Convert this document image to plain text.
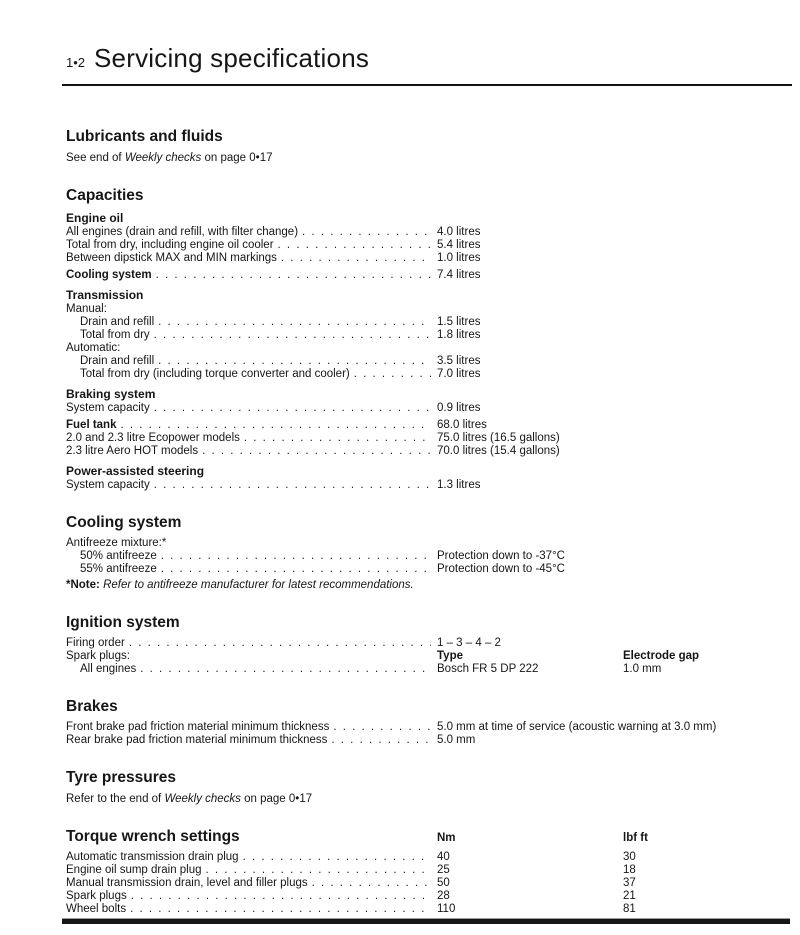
1•2 Servicing specifications
Lubricants and fluids

See end of Weekly checks on page 0•17

Capacities
Engine oil
All engines (drain and refill, with filter change) . . .	4.0 litres
Total from dry, including engine oil cooler . . .	5.4 litres
Between dipstick MAX and MIN markings . . .	1.0 litres
Cooling system . . .	7.4 litres
Transmission
Manual:
Drain and refill . . .	1.5 litres
Total from dry . . .	1.8 litres
Automatic:
Drain and refill . . .	3.5 litres
Total from dry (including torque converter and cooler) . . .	7.0 litres
Braking system
System capacity . . .	0.9 litres
Fuel tank . . .	68.0 litres
2.0 and 2.3 litre Ecopower models . . .	75.0 litres (16.5 gallons)
2.3 litre Aero HOT models . . .	70.0 litres (15.4 gallons)
Power-assisted steering
System capacity . . .	1.3 litres
Cooling system
Antifreeze mixture:*
50% antifreeze . . .	Protection down to -37°C
55% antifreeze . . .	Protection down to -45°C

*Note: Refer to antifreeze manufacturer for latest recommendations.

Ignition system
Firing order . . .	1 – 3 – 4 – 2
Spark plugs:	Type	Electrode gap
All engines . . .	Bosch FR 5 DP 222	1.0 mm
Brakes
Front brake pad friction material minimum thickness . . .	5.0 mm at time of service (acoustic warning at 3.0 mm)
Rear brake pad friction material minimum thickness . . .	5.0 mm
Tyre pressures

Refer to the end of Weekly checks on page 0•17

Torque wrench settings	Nm	lbf ft
Automatic transmission drain plug . . .	40	30
Engine oil sump drain plug . . .	25	18
Manual transmission drain, level and filler plugs . . .	50	37
Spark plugs . . .	28	21
Wheel bolts . . .	110	81
